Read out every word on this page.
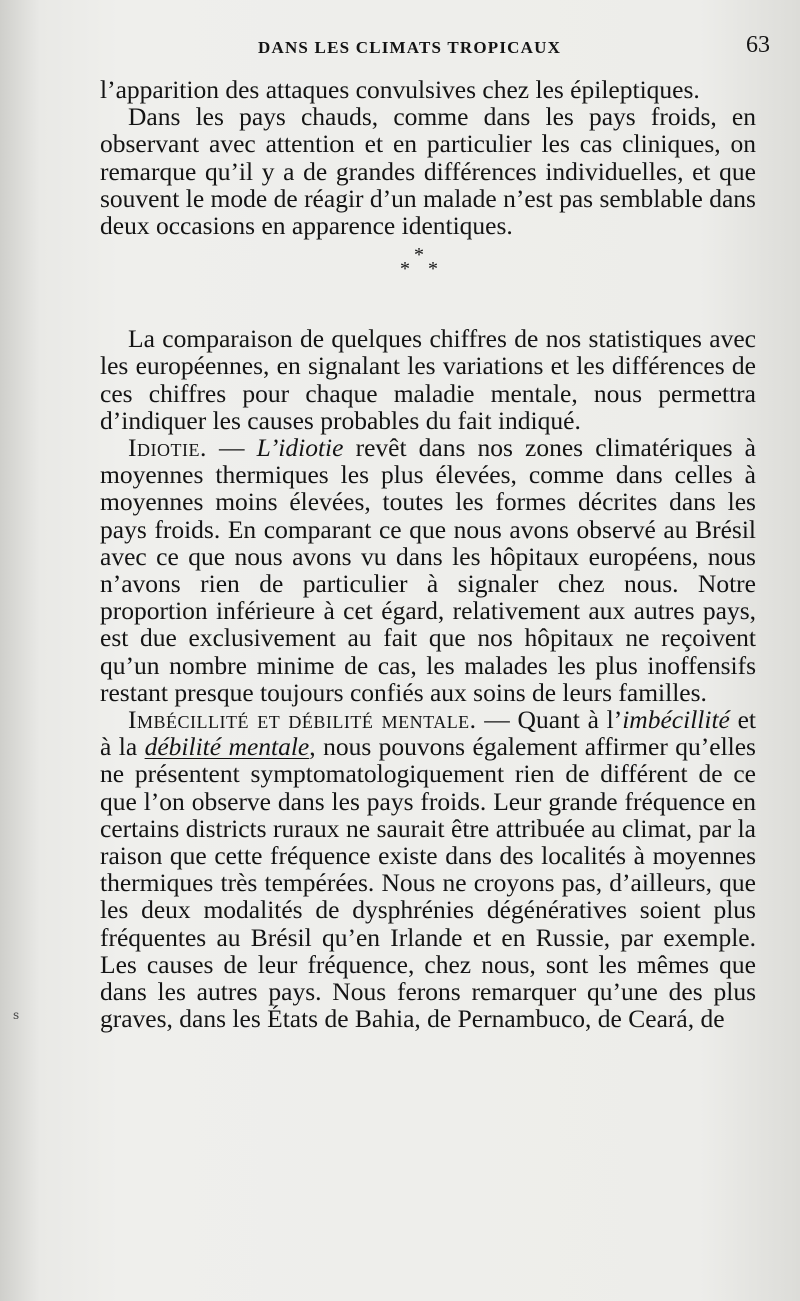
DANS LES CLIMATS TROPICAUX	63
s

l’apparition des attaques convulsives chez les épileptiques.

Dans les pays chauds, comme dans les pays froids, en observant avec attention et en particulier les cas cliniques, on remarque qu’il y a de grandes différences individuelles, et que souvent le mode de réagir d’un malade n’est pas semblable dans deux occasions en apparence identiques.

*
* *

La comparaison de quelques chiffres de nos statistiques avec les européennes, en signalant les variations et les différences de ces chiffres pour chaque maladie mentale, nous permettra d’indiquer les causes probables du fait indiqué.

Idiotie. — L’idiotie revêt dans nos zones climatériques à moyennes thermiques les plus élevées, comme dans celles à moyennes moins élevées, toutes les formes décrites dans les pays froids. En comparant ce que nous avons observé au Brésil avec ce que nous avons vu dans les hôpitaux européens, nous n’avons rien de particulier à signaler chez nous. Notre proportion inférieure à cet égard, relativement aux autres pays, est due exclusivement au fait que nos hôpitaux ne reçoivent qu’un nombre minime de cas, les malades les plus inoffensifs restant presque toujours confiés aux soins de leurs familles.

Imbécillité et débilité mentale. — Quant à l’imbécillité et à la débilité mentale, nous pouvons également affirmer qu’elles ne présentent symptomatologiquement rien de différent de ce que l’on observe dans les pays froids. Leur grande fréquence en certains districts ruraux ne saurait être attribuée au climat, par la raison que cette fréquence existe dans des localités à moyennes thermiques très tempérées. Nous ne croyons pas, d’ailleurs, que les deux modalités de dysphrénies dégénératives soient plus fréquentes au Brésil qu’en Irlande et en Russie, par exemple. Les causes de leur fréquence, chez nous, sont les mêmes que dans les autres pays. Nous ferons remarquer qu’une des plus graves, dans les États de Bahia, de Pernambuco, de Ceará, de
